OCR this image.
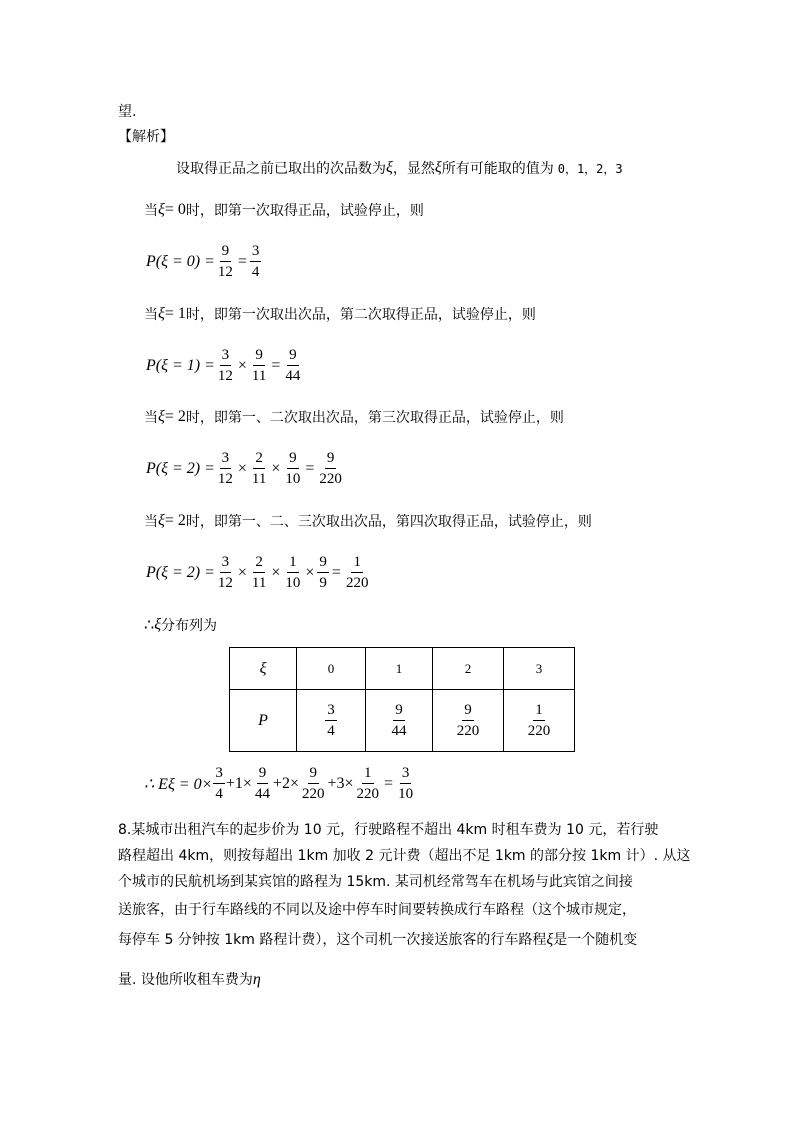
望.
【解析】
设取得正品之前已取出的次品数为 ξ ，显然 ξ 所有可能取的值为 0，1，2，3
当 ξ = 0 时，即第一次取得正品，试验停止，则
$P(\xi = 0) = \frac{9}{12} = \frac{3}{4}$
当 ξ = 1 时，即第一次取出次品，第二次取得正品，试验停止，则
$P(\xi = 1) = \frac{3}{12} \times \frac{9}{11} = \frac{9}{44}$
当 ξ = 2 时，即第一、二次取出次品，第三次取得正品，试验停止，则
$P(\xi = 2) = \frac{3}{12} \times \frac{2}{11} \times \frac{9}{10} = \frac{9}{220}$
当 ξ = 2 时，即第一、二、三次取出次品，第四次取得正品，试验停止，则
$P(\xi = 2) = \frac{3}{12} \times \frac{2}{11} \times \frac{1}{10} \times \frac{9}{9} = \frac{1}{220}$
∴ ξ 分布列为
ξ	0	1	2	3
P	$\frac{3}{4}$	$\frac{9}{44}$	$\frac{9}{220}$	$\frac{1}{220}$
∴ $E\xi = 0\times \frac{3}{4} +1\times \frac{9}{44} +2\times \frac{9}{220} +3\times \frac{1}{220} = \frac{3}{10}$
8.某城市出租汽车的起步价为 10 元，行驶路程不超出 4km 时租车费为 10 元，若行驶
路程超出 4km，则按每超出 1km 加收 2 元计费（超出不足 1km 的部分按 1km 计）. 从这
个城市的民航机场到某宾馆的路程为 15km. 某司机经常驾车在机场与此宾馆之间接
送旅客，由于行车路线的不同以及途中停车时间要转换成行车路程（这个城市规定，
每停车 5 分钟按 1km 路程计费），这个司机一次接送旅客的行车路程 ξ 是一个随机变
量. 设他所收租车费为 η
